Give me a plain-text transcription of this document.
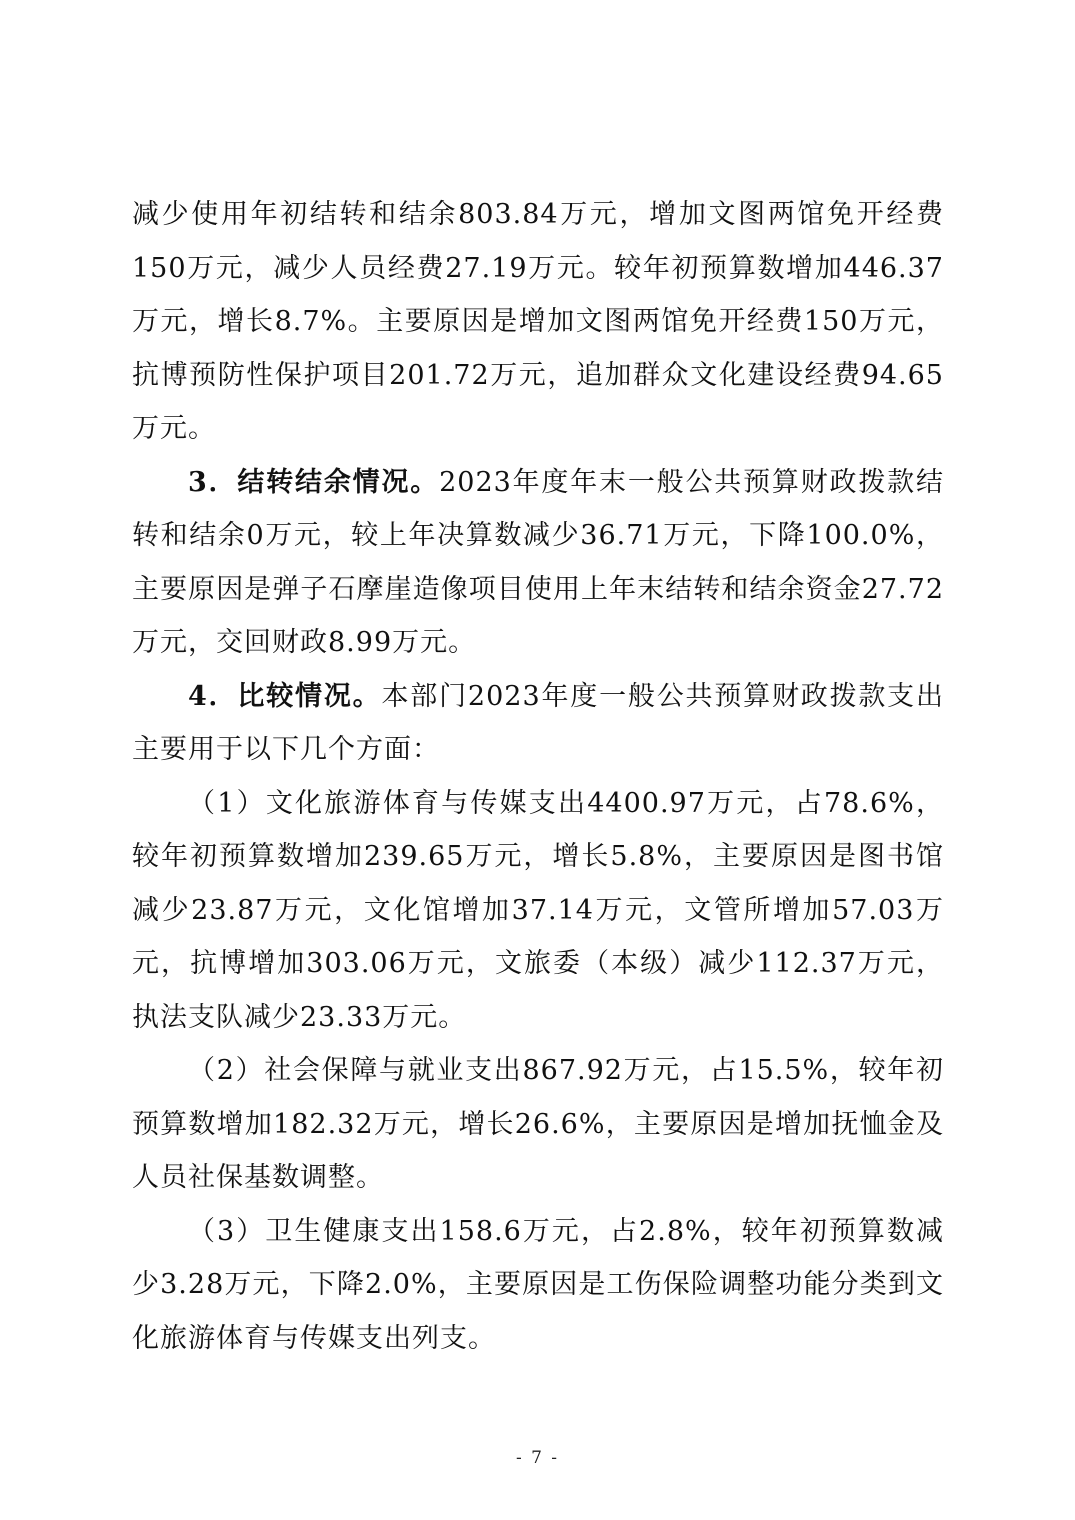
减少使用年初结转和结余803.84万元，增加文图两馆免开经费150万元，减少人员经费27.19万元。较年初预算数增加446.37万元，增长8.7%。主要原因是增加文图两馆免开经费150万元，抗博预防性保护项目201.72万元，追加群众文化建设经费94.65万元。

3．结转结余情况。2023年度年末一般公共预算财政拨款结转和结余0万元，较上年决算数减少36.71万元，下降100.0%，主要原因是弹子石摩崖造像项目使用上年末结转和结余资金27.72万元，交回财政8.99万元。

4．比较情况。本部门2023年度一般公共预算财政拨款支出主要用于以下几个方面：

（1）文化旅游体育与传媒支出4400.97万元，占78.6%，较年初预算数增加239.65万元，增长5.8%，主要原因是图书馆减少23.87万元，文化馆增加37.14万元，文管所增加57.03万元，抗博增加303.06万元，文旅委（本级）减少112.37万元，执法支队减少23.33万元。

（2）社会保障与就业支出867.92万元，占15.5%，较年初预算数增加182.32万元，增长26.6%，主要原因是增加抚恤金及人员社保基数调整。

（3）卫生健康支出158.6万元，占2.8%，较年初预算数减少3.28万元，下降2.0%，主要原因是工伤保险调整功能分类到文化旅游体育与传媒支出列支。

- 7 -
